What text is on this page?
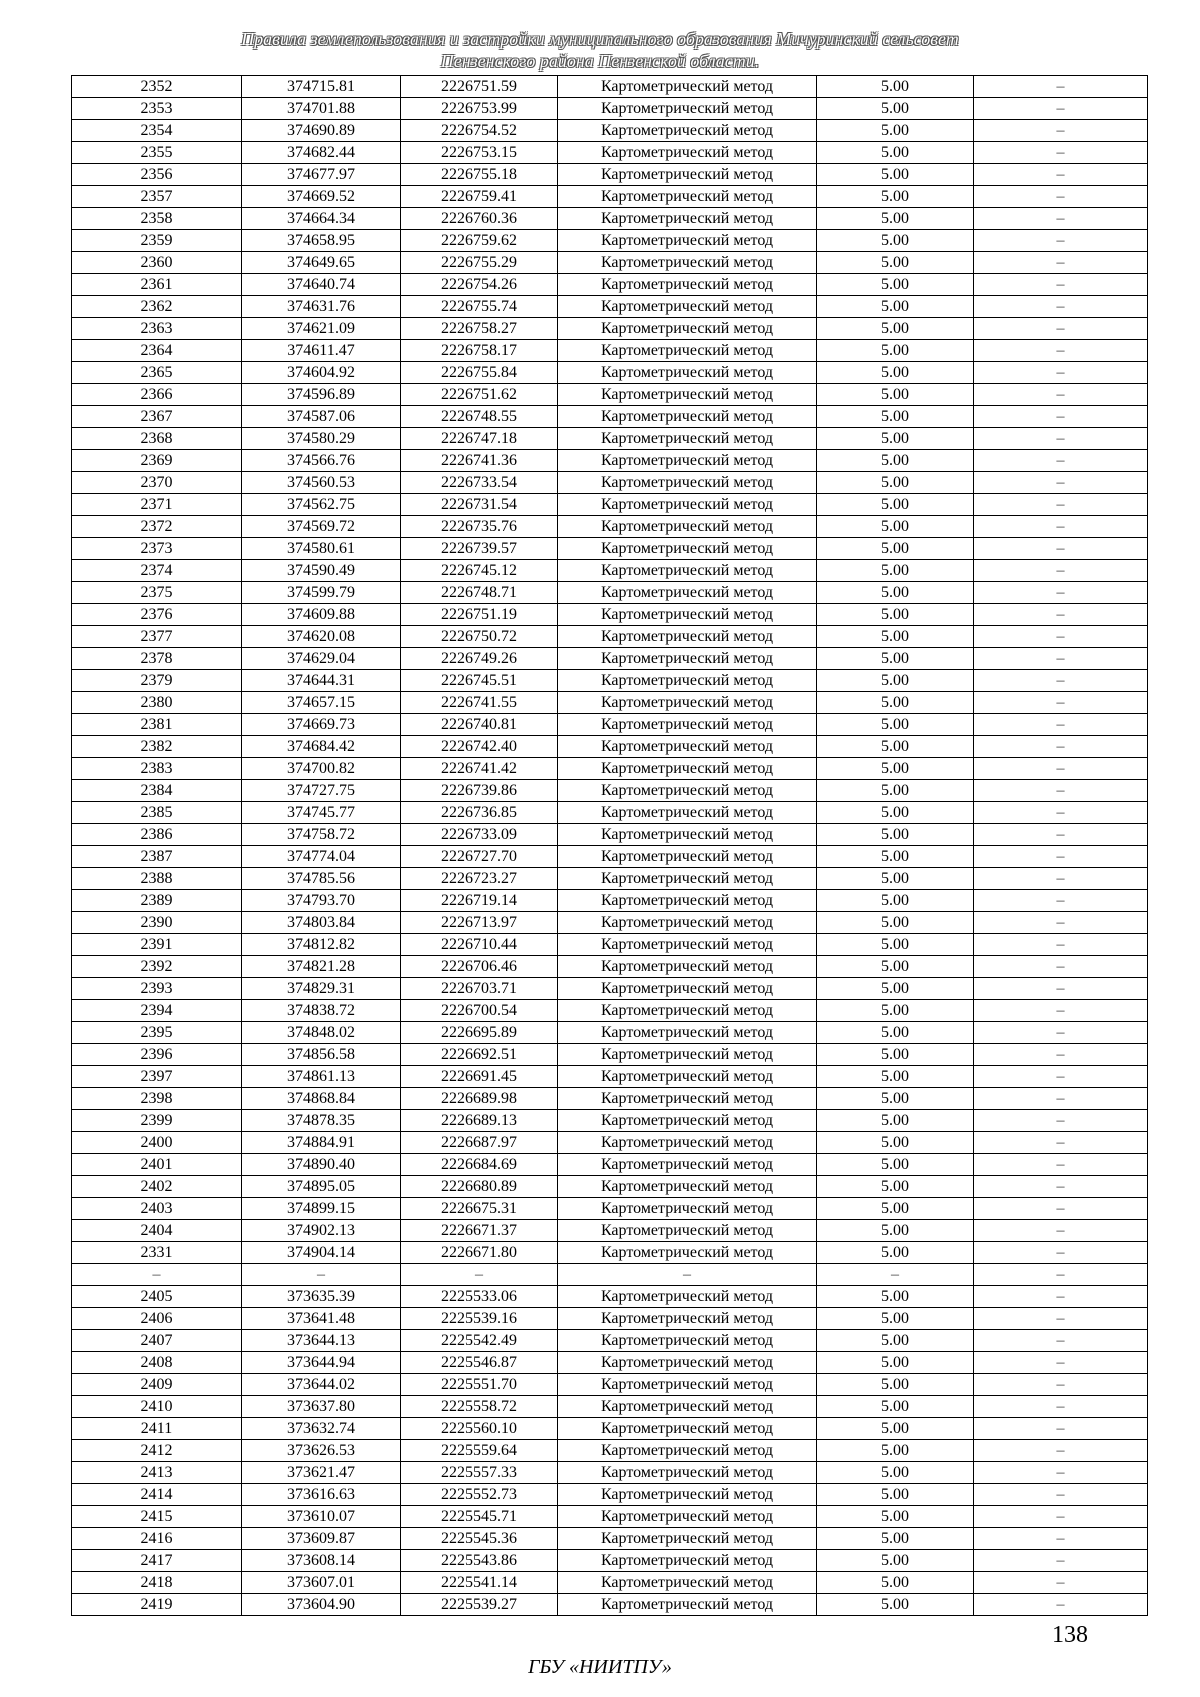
Правила землепользования и застройки муниципального образования Мичуринский сельсовет
Пензенского района Пензенской области.
2352	374715.81	2226751.59	Картометрический метод	5.00	–
2353	374701.88	2226753.99	Картометрический метод	5.00	–
2354	374690.89	2226754.52	Картометрический метод	5.00	–
2355	374682.44	2226753.15	Картометрический метод	5.00	–
2356	374677.97	2226755.18	Картометрический метод	5.00	–
2357	374669.52	2226759.41	Картометрический метод	5.00	–
2358	374664.34	2226760.36	Картометрический метод	5.00	–
2359	374658.95	2226759.62	Картометрический метод	5.00	–
2360	374649.65	2226755.29	Картометрический метод	5.00	–
2361	374640.74	2226754.26	Картометрический метод	5.00	–
2362	374631.76	2226755.74	Картометрический метод	5.00	–
2363	374621.09	2226758.27	Картометрический метод	5.00	–
2364	374611.47	2226758.17	Картометрический метод	5.00	–
2365	374604.92	2226755.84	Картометрический метод	5.00	–
2366	374596.89	2226751.62	Картометрический метод	5.00	–
2367	374587.06	2226748.55	Картометрический метод	5.00	–
2368	374580.29	2226747.18	Картометрический метод	5.00	–
2369	374566.76	2226741.36	Картометрический метод	5.00	–
2370	374560.53	2226733.54	Картометрический метод	5.00	–
2371	374562.75	2226731.54	Картометрический метод	5.00	–
2372	374569.72	2226735.76	Картометрический метод	5.00	–
2373	374580.61	2226739.57	Картометрический метод	5.00	–
2374	374590.49	2226745.12	Картометрический метод	5.00	–
2375	374599.79	2226748.71	Картометрический метод	5.00	–
2376	374609.88	2226751.19	Картометрический метод	5.00	–
2377	374620.08	2226750.72	Картометрический метод	5.00	–
2378	374629.04	2226749.26	Картометрический метод	5.00	–
2379	374644.31	2226745.51	Картометрический метод	5.00	–
2380	374657.15	2226741.55	Картометрический метод	5.00	–
2381	374669.73	2226740.81	Картометрический метод	5.00	–
2382	374684.42	2226742.40	Картометрический метод	5.00	–
2383	374700.82	2226741.42	Картометрический метод	5.00	–
2384	374727.75	2226739.86	Картометрический метод	5.00	–
2385	374745.77	2226736.85	Картометрический метод	5.00	–
2386	374758.72	2226733.09	Картометрический метод	5.00	–
2387	374774.04	2226727.70	Картометрический метод	5.00	–
2388	374785.56	2226723.27	Картометрический метод	5.00	–
2389	374793.70	2226719.14	Картометрический метод	5.00	–
2390	374803.84	2226713.97	Картометрический метод	5.00	–
2391	374812.82	2226710.44	Картометрический метод	5.00	–
2392	374821.28	2226706.46	Картометрический метод	5.00	–
2393	374829.31	2226703.71	Картометрический метод	5.00	–
2394	374838.72	2226700.54	Картометрический метод	5.00	–
2395	374848.02	2226695.89	Картометрический метод	5.00	–
2396	374856.58	2226692.51	Картометрический метод	5.00	–
2397	374861.13	2226691.45	Картометрический метод	5.00	–
2398	374868.84	2226689.98	Картометрический метод	5.00	–
2399	374878.35	2226689.13	Картометрический метод	5.00	–
2400	374884.91	2226687.97	Картометрический метод	5.00	–
2401	374890.40	2226684.69	Картометрический метод	5.00	–
2402	374895.05	2226680.89	Картометрический метод	5.00	–
2403	374899.15	2226675.31	Картометрический метод	5.00	–
2404	374902.13	2226671.37	Картометрический метод	5.00	–
2331	374904.14	2226671.80	Картометрический метод	5.00	–
–	–	–	–	–	–
2405	373635.39	2225533.06	Картометрический метод	5.00	–
2406	373641.48	2225539.16	Картометрический метод	5.00	–
2407	373644.13	2225542.49	Картометрический метод	5.00	–
2408	373644.94	2225546.87	Картометрический метод	5.00	–
2409	373644.02	2225551.70	Картометрический метод	5.00	–
2410	373637.80	2225558.72	Картометрический метод	5.00	–
2411	373632.74	2225560.10	Картометрический метод	5.00	–
2412	373626.53	2225559.64	Картометрический метод	5.00	–
2413	373621.47	2225557.33	Картометрический метод	5.00	–
2414	373616.63	2225552.73	Картометрический метод	5.00	–
2415	373610.07	2225545.71	Картометрический метод	5.00	–
2416	373609.87	2225545.36	Картометрический метод	5.00	–
2417	373608.14	2225543.86	Картометрический метод	5.00	–
2418	373607.01	2225541.14	Картометрический метод	5.00	–
2419	373604.90	2225539.27	Картометрический метод	5.00	–
138
ГБУ «НИИТПУ»
